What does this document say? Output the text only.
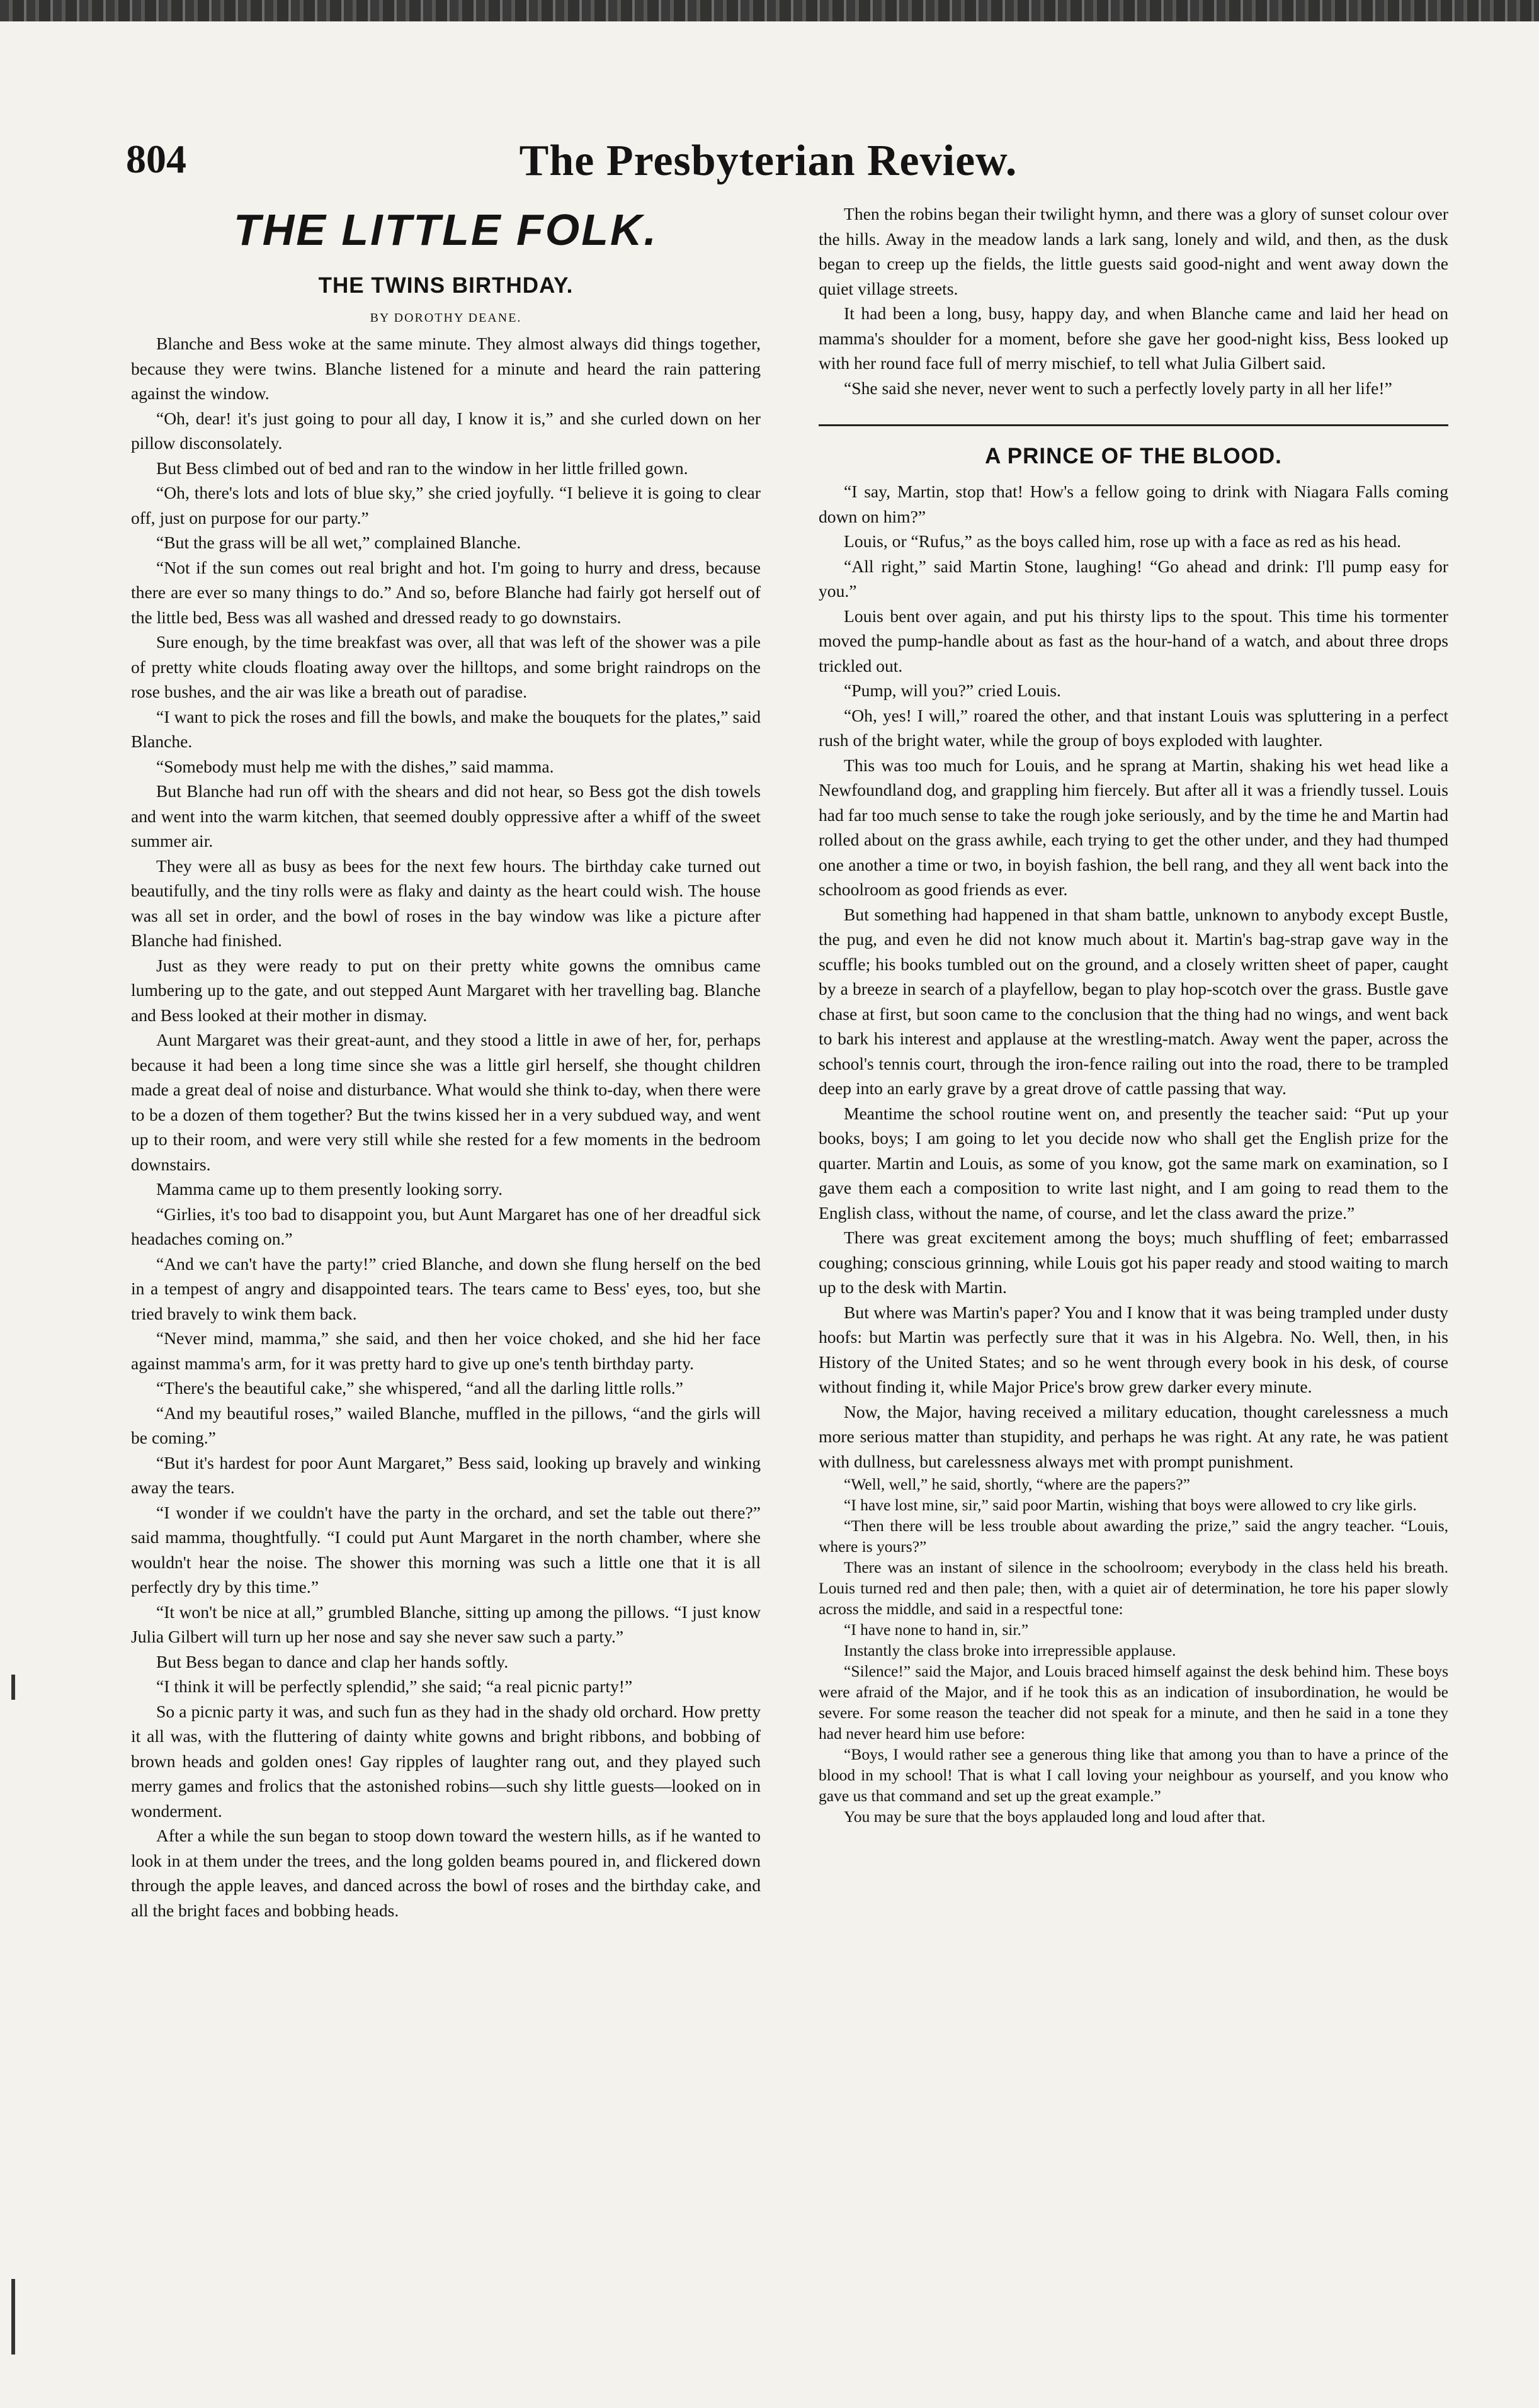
The Presbyterian Review.
804
THE LITTLE FOLK.
THE TWINS BIRTHDAY.
BY DOROTHY DEANE.

Blanche and Bess woke at the same minute. They almost always did things together, because they were twins. Blanche listened for a minute and heard the rain pattering against the window.

“Oh, dear! it's just going to pour all day, I know it is,” and she curled down on her pillow disconsolately.

But Bess climbed out of bed and ran to the window in her little frilled gown.

“Oh, there's lots and lots of blue sky,” she cried joyfully. “I believe it is going to clear off, just on purpose for our party.”

“But the grass will be all wet,” complained Blanche.

“Not if the sun comes out real bright and hot. I'm going to hurry and dress, because there are ever so many things to do.” And so, before Blanche had fairly got herself out of the little bed, Bess was all washed and dressed ready to go downstairs.

Sure enough, by the time breakfast was over, all that was left of the shower was a pile of pretty white clouds floating away over the hilltops, and some bright raindrops on the rose bushes, and the air was like a breath out of paradise.

“I want to pick the roses and fill the bowls, and make the bouquets for the plates,” said Blanche.

“Somebody must help me with the dishes,” said mamma.

But Blanche had run off with the shears and did not hear, so Bess got the dish towels and went into the warm kitchen, that seemed doubly oppressive after a whiff of the sweet summer air.

They were all as busy as bees for the next few hours. The birthday cake turned out beautifully, and the tiny rolls were as flaky and dainty as the heart could wish. The house was all set in order, and the bowl of roses in the bay window was like a picture after Blanche had finished.

Just as they were ready to put on their pretty white gowns the omnibus came lumbering up to the gate, and out stepped Aunt Margaret with her travelling bag. Blanche and Bess looked at their mother in dismay.

Aunt Margaret was their great-aunt, and they stood a little in awe of her, for, perhaps because it had been a long time since she was a little girl herself, she thought children made a great deal of noise and disturbance. What would she think to-day, when there were to be a dozen of them together? But the twins kissed her in a very subdued way, and went up to their room, and were very still while she rested for a few moments in the bedroom downstairs.

Mamma came up to them presently looking sorry.

“Girlies, it's too bad to disappoint you, but Aunt Margaret has one of her dreadful sick headaches coming on.”

“And we can't have the party!” cried Blanche, and down she flung herself on the bed in a tempest of angry and disappointed tears. The tears came to Bess' eyes, too, but she tried bravely to wink them back.

“Never mind, mamma,” she said, and then her voice choked, and she hid her face against mamma's arm, for it was pretty hard to give up one's tenth birthday party.

“There's the beautiful cake,” she whispered, “and all the darling little rolls.”

“And my beautiful roses,” wailed Blanche, muffled in the pillows, “and the girls will be coming.”

“But it's hardest for poor Aunt Margaret,” Bess said, looking up bravely and winking away the tears.

“I wonder if we couldn't have the party in the orchard, and set the table out there?” said mamma, thoughtfully. “I could put Aunt Margaret in the north chamber, where she wouldn't hear the noise. The shower this morning was such a little one that it is all perfectly dry by this time.”

“It won't be nice at all,” grumbled Blanche, sitting up among the pillows. “I just know Julia Gilbert will turn up her nose and say she never saw such a party.”

But Bess began to dance and clap her hands softly.

“I think it will be perfectly splendid,” she said; “a real picnic party!”

So a picnic party it was, and such fun as they had in the shady old orchard. How pretty it all was, with the fluttering of dainty white gowns and bright ribbons, and bobbing of brown heads and golden ones! Gay ripples of laughter rang out, and they played such merry games and frolics that the astonished robins—such shy little guests—looked on in wonderment.

After a while the sun began to stoop down toward the western hills, as if he wanted to look in at them under the trees, and the long golden beams poured in, and flickered down through the apple leaves, and danced across the bowl of roses and the birthday cake, and all the bright faces and bobbing heads.

Then the robins began their twilight hymn, and there was a glory of sunset colour over the hills. Away in the meadow lands a lark sang, lonely and wild, and then, as the dusk began to creep up the fields, the little guests said good-night and went away down the quiet village streets.

It had been a long, busy, happy day, and when Blanche came and laid her head on mamma's shoulder for a moment, before she gave her good-night kiss, Bess looked up with her round face full of merry mischief, to tell what Julia Gilbert said.

“She said she never, never went to such a perfectly lovely party in all her life!”

A PRINCE OF THE BLOOD.

“I say, Martin, stop that! How's a fellow going to drink with Niagara Falls coming down on him?”

Louis, or “Rufus,” as the boys called him, rose up with a face as red as his head.

“All right,” said Martin Stone, laughing! “Go ahead and drink: I'll pump easy for you.”

Louis bent over again, and put his thirsty lips to the spout. This time his tormenter moved the pump-handle about as fast as the hour-hand of a watch, and about three drops trickled out.

“Pump, will you?” cried Louis.

“Oh, yes! I will,” roared the other, and that instant Louis was spluttering in a perfect rush of the bright water, while the group of boys exploded with laughter.

This was too much for Louis, and he sprang at Martin, shaking his wet head like a Newfoundland dog, and grappling him fiercely. But after all it was a friendly tussel. Louis had far too much sense to take the rough joke seriously, and by the time he and Martin had rolled about on the grass awhile, each trying to get the other under, and they had thumped one another a time or two, in boyish fashion, the bell rang, and they all went back into the schoolroom as good friends as ever.

But something had happened in that sham battle, unknown to anybody except Bustle, the pug, and even he did not know much about it. Martin's bag-strap gave way in the scuffle; his books tumbled out on the ground, and a closely written sheet of paper, caught by a breeze in search of a playfellow, began to play hop-scotch over the grass. Bustle gave chase at first, but soon came to the conclusion that the thing had no wings, and went back to bark his interest and applause at the wrestling-match. Away went the paper, across the school's tennis court, through the iron-fence railing out into the road, there to be trampled deep into an early grave by a great drove of cattle passing that way.

Meantime the school routine went on, and presently the teacher said: “Put up your books, boys; I am going to let you decide now who shall get the English prize for the quarter. Martin and Louis, as some of you know, got the same mark on examination, so I gave them each a composition to write last night, and I am going to read them to the English class, without the name, of course, and let the class award the prize.”

There was great excitement among the boys; much shuffling of feet; embarrassed coughing; conscious grinning, while Louis got his paper ready and stood waiting to march up to the desk with Martin.

But where was Martin's paper? You and I know that it was being trampled under dusty hoofs: but Martin was perfectly sure that it was in his Algebra. No. Well, then, in his History of the United States; and so he went through every book in his desk, of course without finding it, while Major Price's brow grew darker every minute.

Now, the Major, having received a military education, thought carelessness a much more serious matter than stupidity, and perhaps he was right. At any rate, he was patient with dullness, but carelessness always met with prompt punishment.

“Well, well,” he said, shortly, “where are the papers?”

“I have lost mine, sir,” said poor Martin, wishing that boys were allowed to cry like girls.

“Then there will be less trouble about awarding the prize,” said the angry teacher. “Louis, where is yours?”

There was an instant of silence in the schoolroom; everybody in the class held his breath. Louis turned red and then pale; then, with a quiet air of determination, he tore his paper slowly across the middle, and said in a respectful tone:

“I have none to hand in, sir.”

Instantly the class broke into irrepressible applause.

“Silence!” said the Major, and Louis braced himself against the desk behind him. These boys were afraid of the Major, and if he took this as an indication of insubordination, he would be severe. For some reason the teacher did not speak for a minute, and then he said in a tone they had never heard him use before:

“Boys, I would rather see a generous thing like that among you than to have a prince of the blood in my school! That is what I call loving your neighbour as yourself, and you know who gave us that command and set up the great example.”

You may be sure that the boys applauded long and loud after that.
